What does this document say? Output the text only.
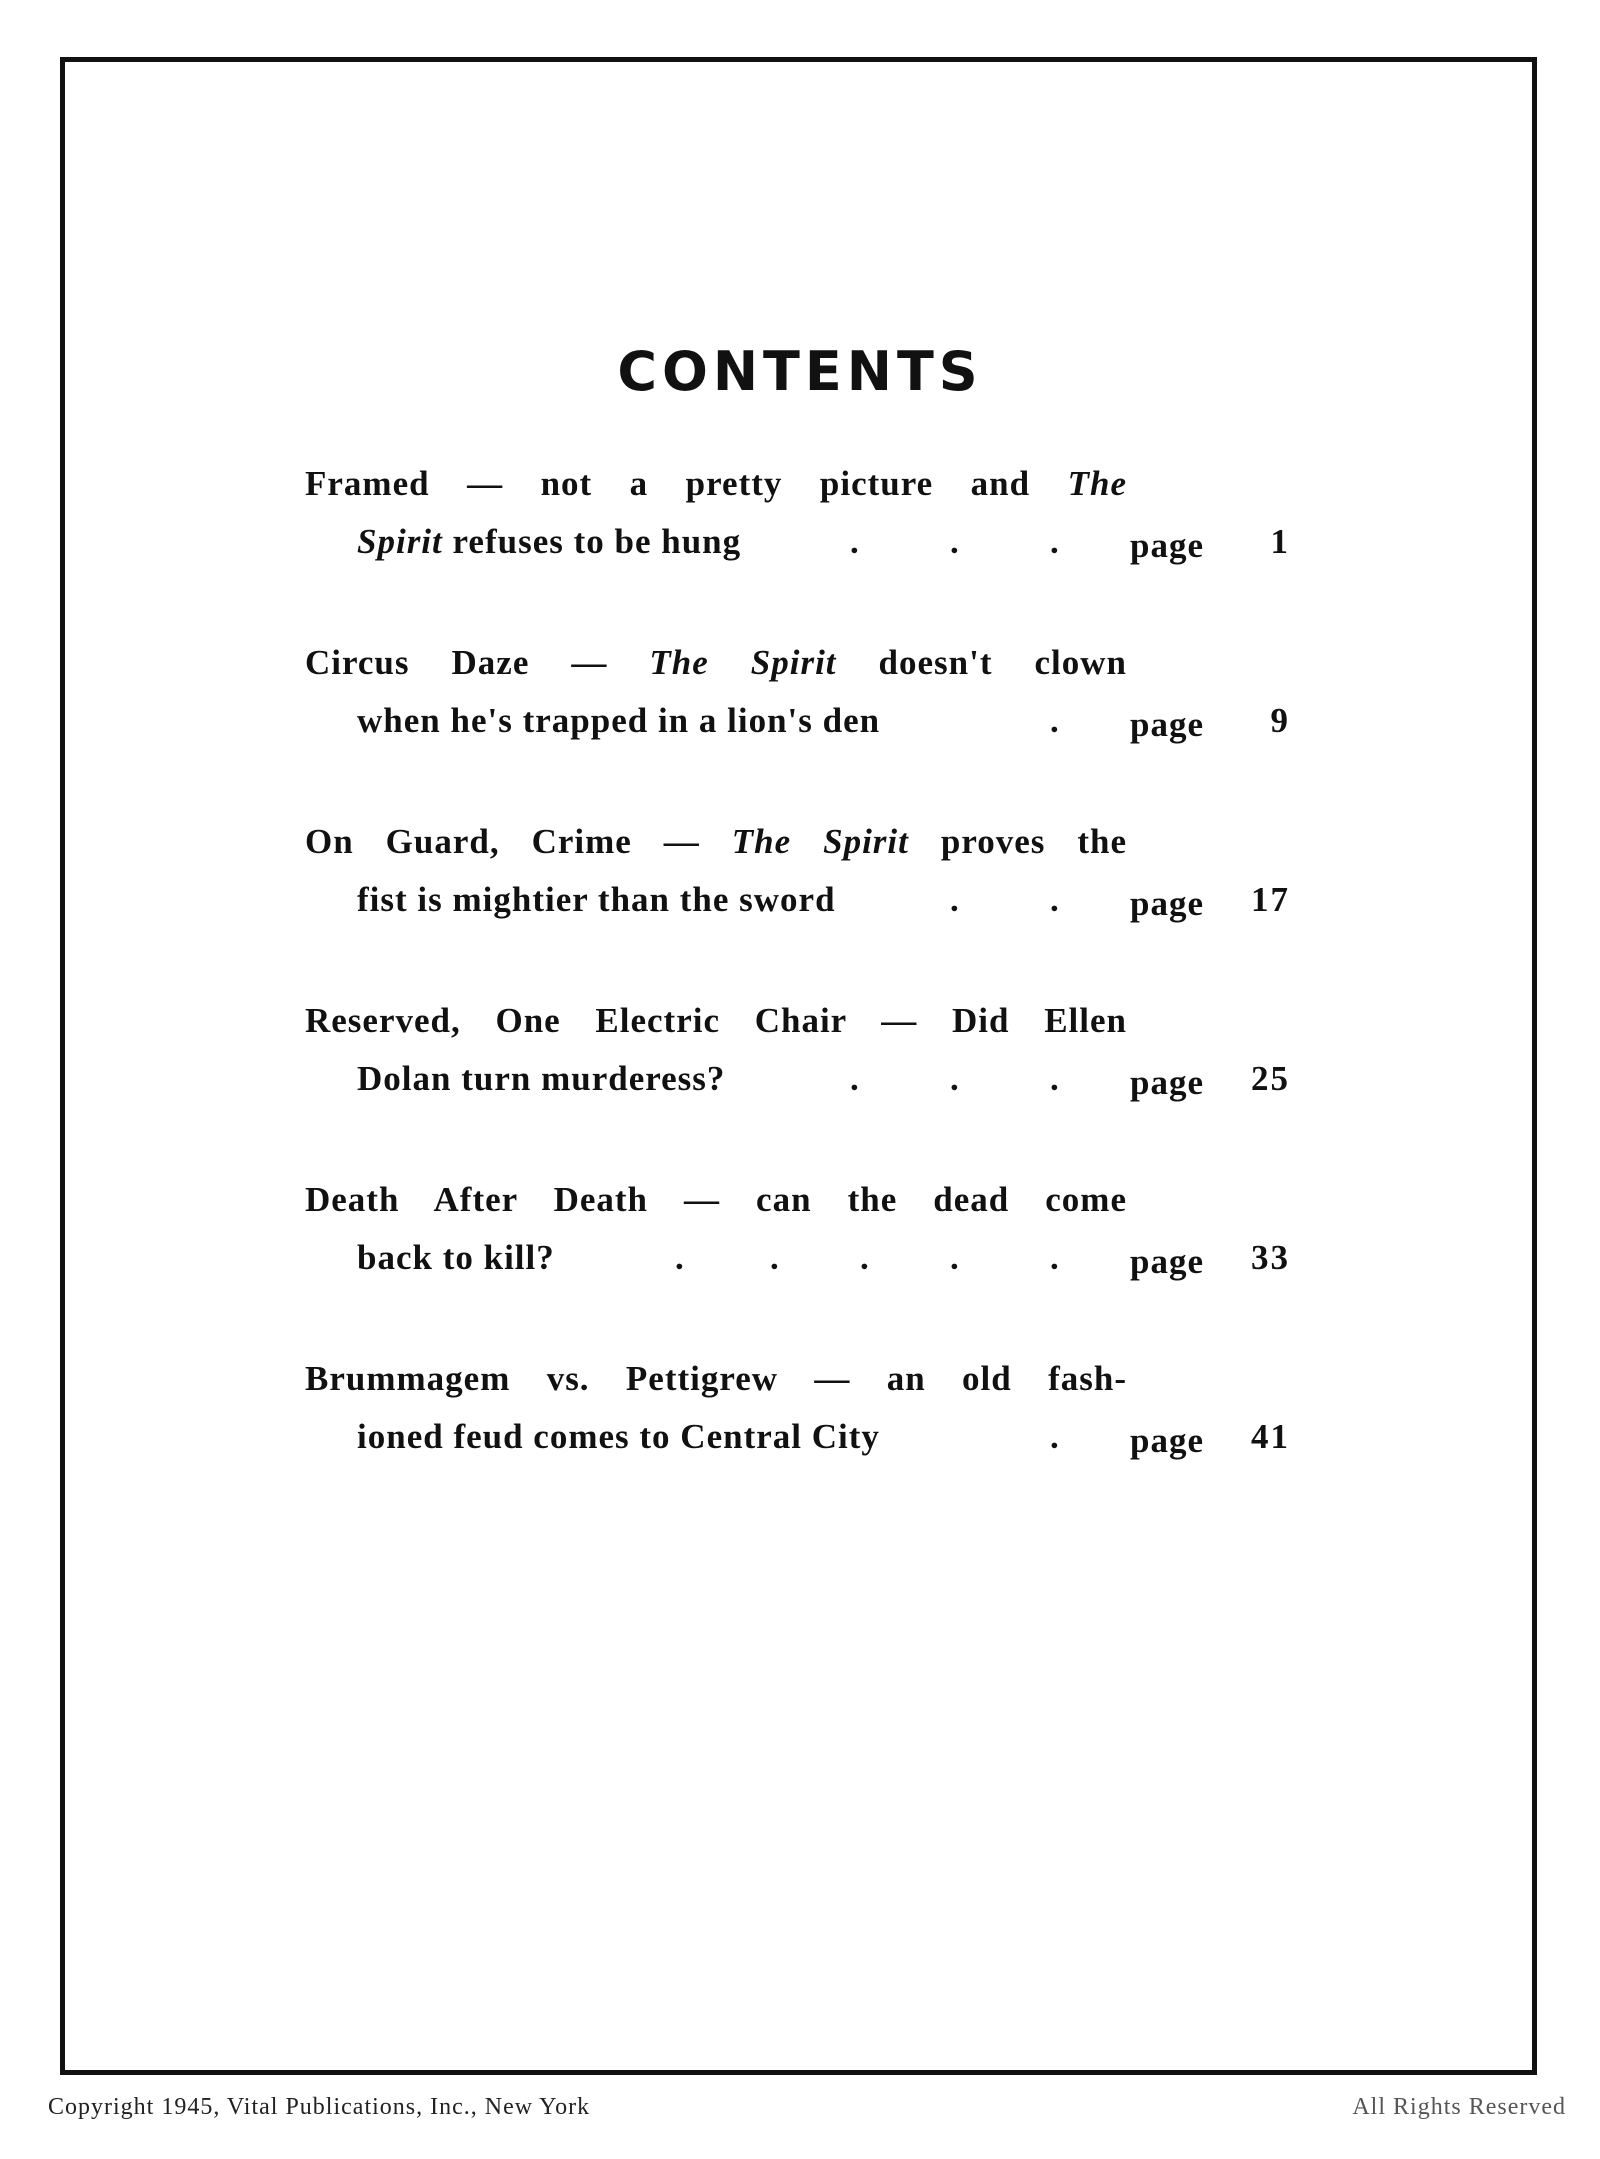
CONTENTS
Framed — not a pretty picture and The
Spirit refuses to be hung	.	.	. page	1
Circus Daze — The Spirit doesn't clown
when he's trapped in a lion's den	. page	9
On Guard, Crime — The Spirit proves the
fist is mightier than the sword	.	. page	17
Reserved, One Electric Chair — Did Ellen
Dolan turn murderess?	.	.	. page	25
Death After Death — can the dead come
back to kill?	. . . .	. page	33
Brummagem vs. Pettigrew — an old fash-
ioned feud comes to Central City	. page	41
Copyright 1945, Vital Publications, Inc., New York	All Rights Reserved
